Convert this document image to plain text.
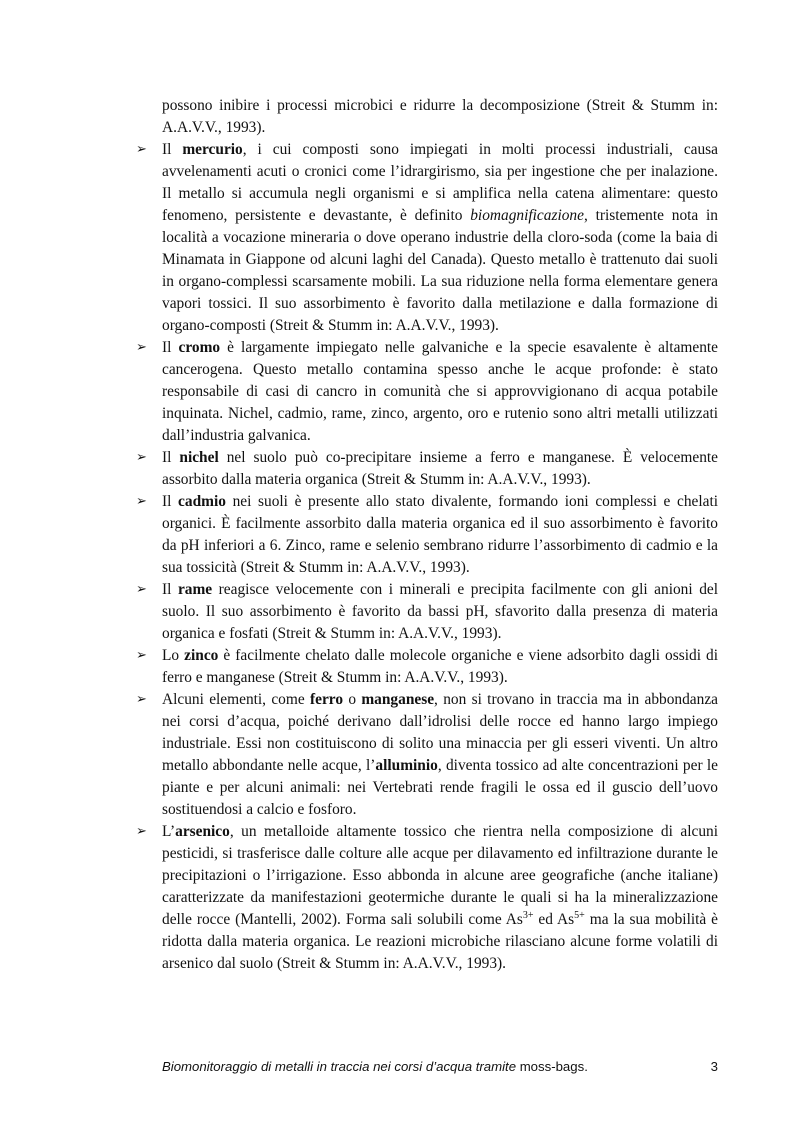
possono inibire i processi microbici e ridurre la decomposizione (Streit & Stumm in: A.A.V.V., 1993).

➢ Il mercurio, i cui composti sono impiegati in molti processi industriali, causa avvelenamenti acuti o cronici come l’idrargirismo, sia per ingestione che per inalazione. Il metallo si accumula negli organismi e si amplifica nella catena alimentare: questo fenomeno, persistente e devastante, è definito biomagnificazione, tristemente nota in località a vocazione mineraria o dove operano industrie della cloro-soda (come la baia di Minamata in Giappone od alcuni laghi del Canada). Questo metallo è trattenuto dai suoli in organo-complessi scarsamente mobili. La sua riduzione nella forma elementare genera vapori tossici. Il suo assorbimento è favorito dalla metilazione e dalla formazione di organo-composti (Streit & Stumm in: A.A.V.V., 1993).

➢ Il cromo è largamente impiegato nelle galvaniche e la specie esavalente è altamente cancerogena. Questo metallo contamina spesso anche le acque profonde: è stato responsabile di casi di cancro in comunità che si approvvigionano di acqua potabile inquinata. Nichel, cadmio, rame, zinco, argento, oro e rutenio sono altri metalli utilizzati dall’industria galvanica.

➢ Il nichel nel suolo può co-precipitare insieme a ferro e manganese. È velocemente assorbito dalla materia organica (Streit & Stumm in: A.A.V.V., 1993).

➢ Il cadmio nei suoli è presente allo stato divalente, formando ioni complessi e chelati organici. È facilmente assorbito dalla materia organica ed il suo assorbimento è favorito da pH inferiori a 6. Zinco, rame e selenio sembrano ridurre l’assorbimento di cadmio e la sua tossicità (Streit & Stumm in: A.A.V.V., 1993).

➢ Il rame reagisce velocemente con i minerali e precipita facilmente con gli anioni del suolo. Il suo assorbimento è favorito da bassi pH, sfavorito dalla presenza di materia organica e fosfati (Streit & Stumm in: A.A.V.V., 1993).

➢ Lo zinco è facilmente chelato dalle molecole organiche e viene adsorbito dagli ossidi di ferro e manganese (Streit & Stumm in: A.A.V.V., 1993).

➢ Alcuni elementi, come ferro o manganese, non si trovano in traccia ma in abbondanza nei corsi d’acqua, poiché derivano dall’idrolisi delle rocce ed hanno largo impiego industriale. Essi non costituiscono di solito una minaccia per gli esseri viventi. Un altro metallo abbondante nelle acque, l’alluminio, diventa tossico ad alte concentrazioni per le piante e per alcuni animali: nei Vertebrati rende fragili le ossa ed il guscio dell’uovo sostituendosi a calcio e fosforo.

➢ L’arsenico, un metalloide altamente tossico che rientra nella composizione di alcuni pesticidi, si trasferisce dalle colture alle acque per dilavamento ed infiltrazione durante le precipitazioni o l’irrigazione. Esso abbonda in alcune aree geografiche (anche italiane) caratterizzate da manifestazioni geotermiche durante le quali si ha la mineralizzazione delle rocce (Mantelli, 2002). Forma sali solubili come $As^{3+}$ ed $As^{5+}$ ma la sua mobilità è ridotta dalla materia organica. Le reazioni microbiche rilasciano alcune forme volatili di arsenico dal suolo (Streit & Stumm in: A.A.V.V., 1993).

Biomonitoraggio di metalli in traccia nei corsi d’acqua tramite moss-bags.	3
